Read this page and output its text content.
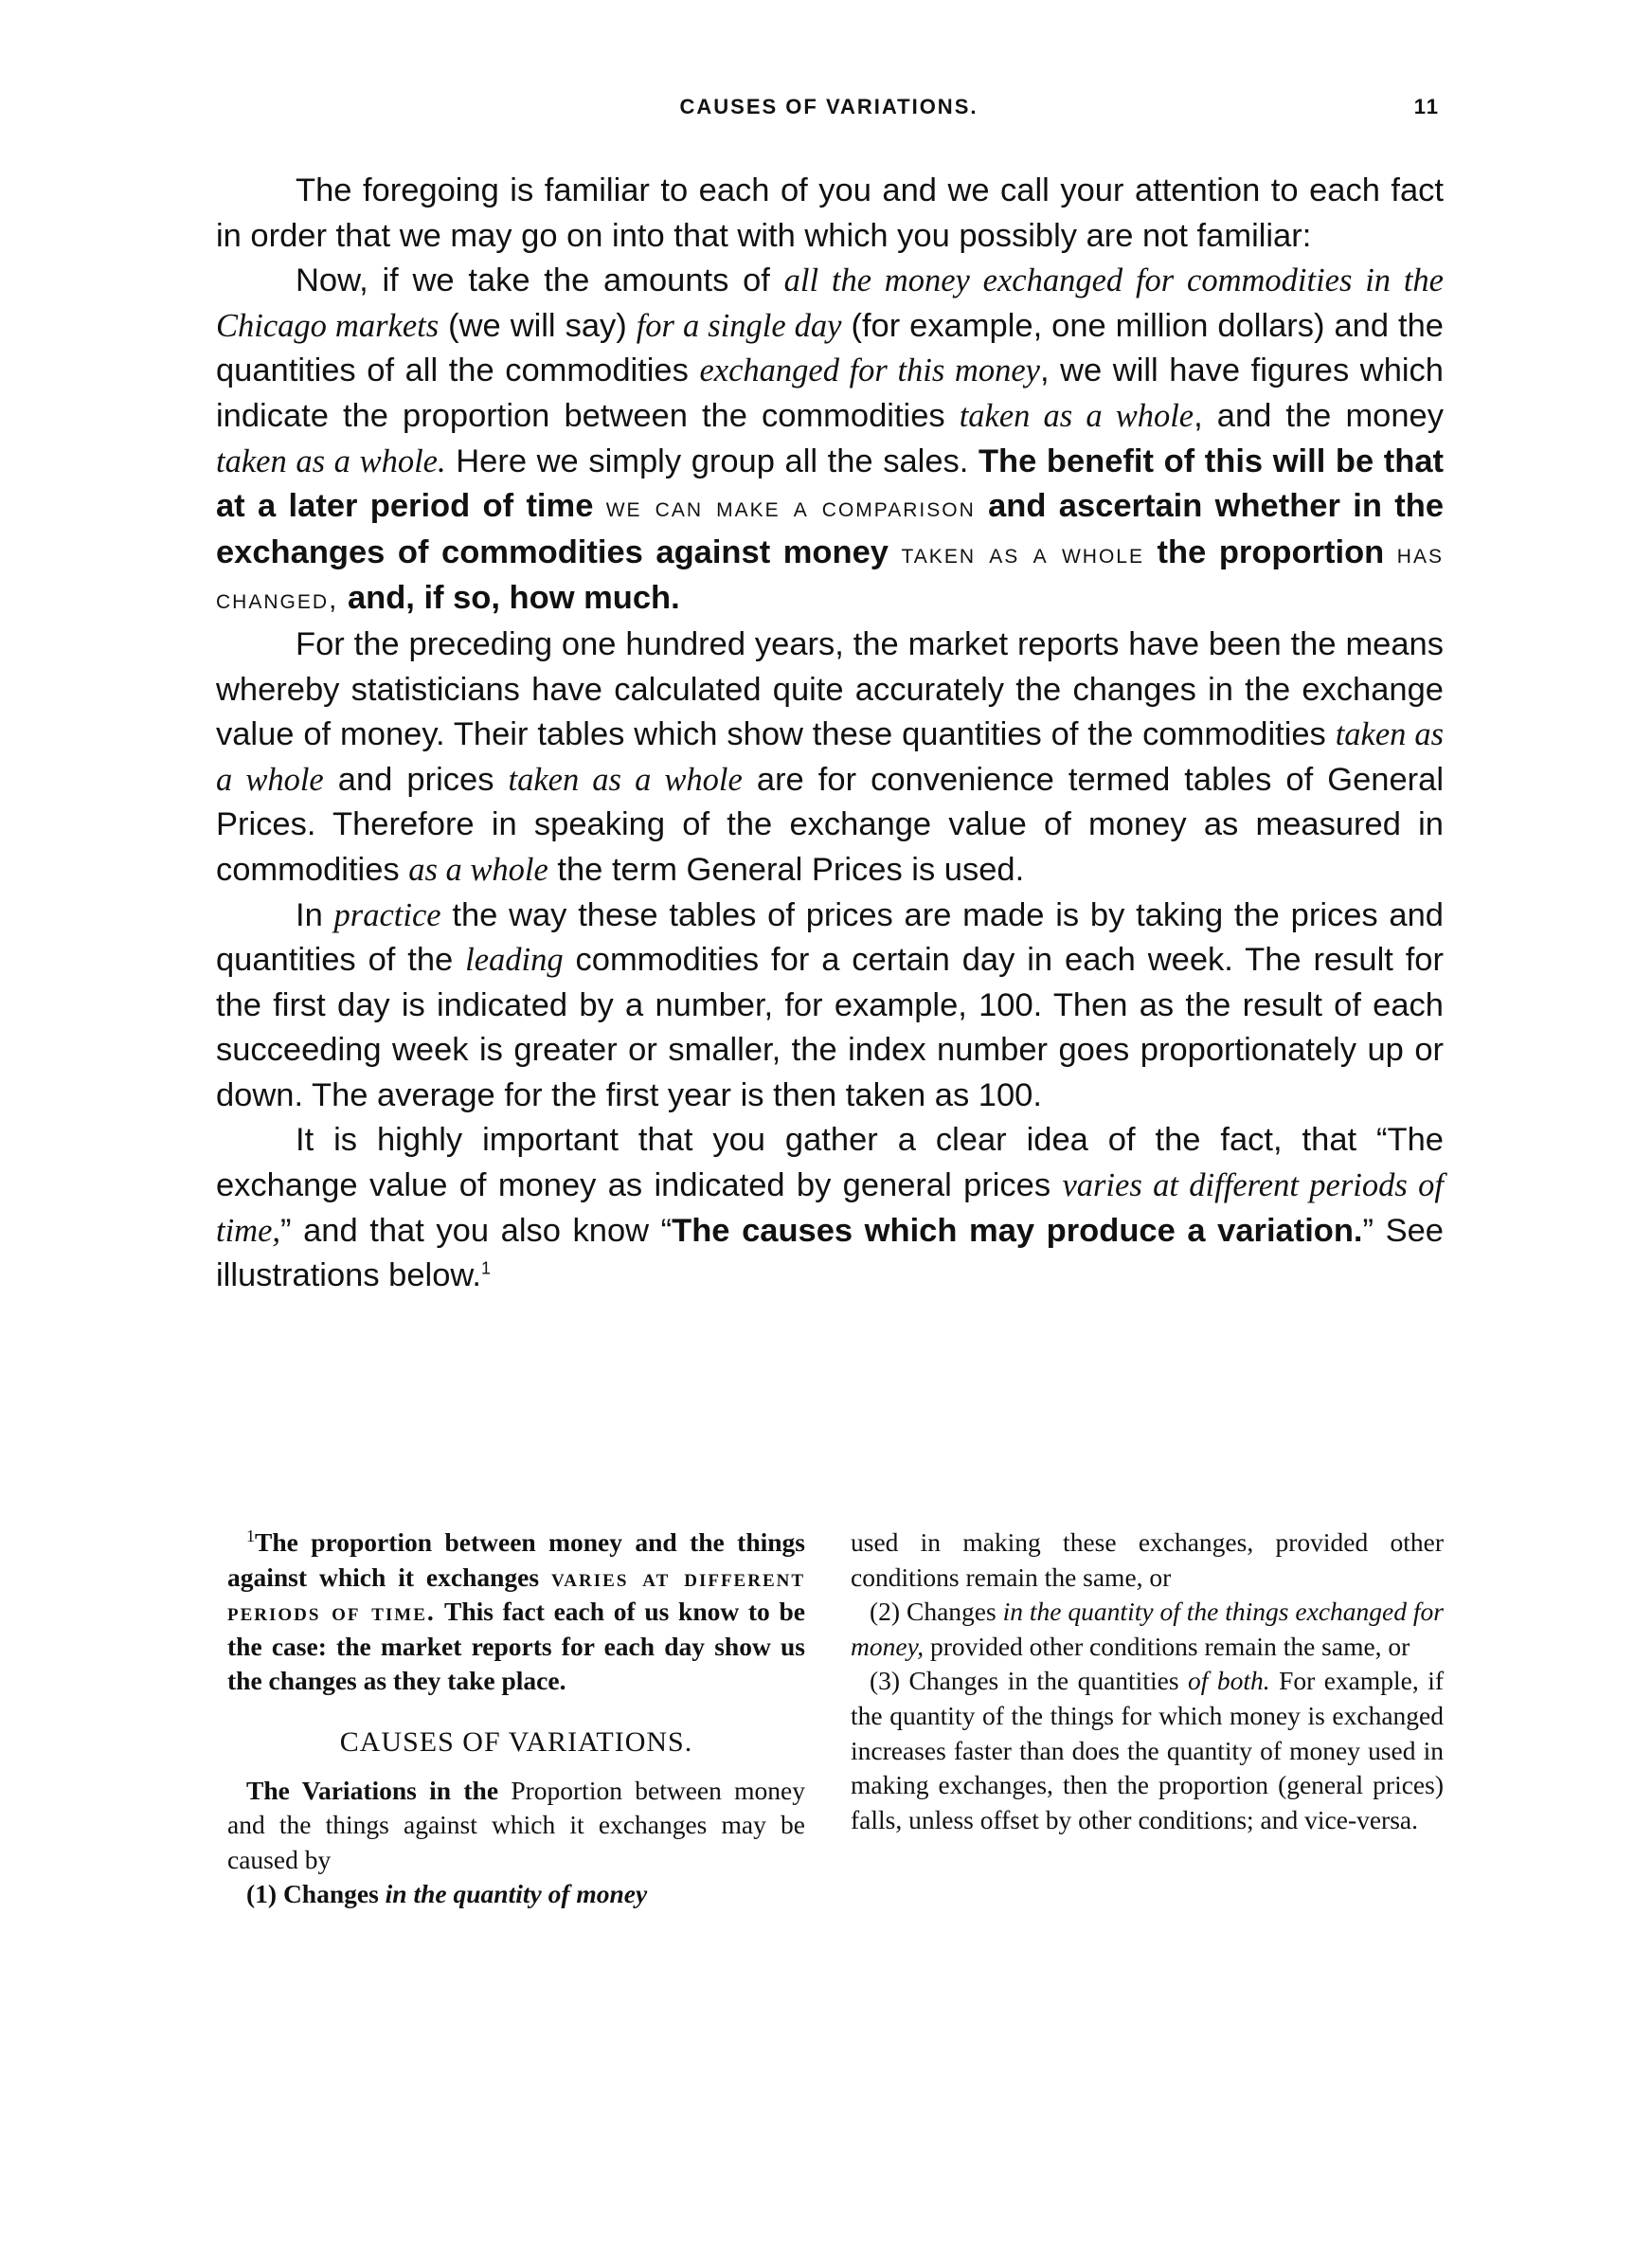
CAUSES OF VARIATIONS.	11

The foregoing is familiar to each of you and we call your attention to each fact in order that we may go on into that with which you possibly are not familiar:

Now, if we take the amounts of all the money exchanged for commodities in the Chicago markets (we will say) for a single day (for example, one million dollars) and the quantities of all the commodities exchanged for this money, we will have figures which indicate the proportion between the commodities taken as a whole, and the money taken as a whole. Here we simply group all the sales. The benefit of this will be that at a later period of time we can make a comparison and ascertain whether in the exchanges of commodities against money taken as a whole the proportion has changed, and, if so, how much.

For the preceding one hundred years, the market reports have been the means whereby statisticians have calculated quite accurately the changes in the exchange value of money. Their tables which show these quantities of the commodities taken as a whole and prices taken as a whole are for convenience termed tables of General Prices. Therefore in speaking of the exchange value of money as measured in commodities as a whole the term General Prices is used.

In practice the way these tables of prices are made is by taking the prices and quantities of the leading commodities for a certain day in each week. The result for the first day is indicated by a number, for example, 100. Then as the result of each succeeding week is greater or smaller, the index number goes proportionately up or down. The average for the first year is then taken as 100.

It is highly important that you gather a clear idea of the fact, that “The exchange value of money as indicated by general prices varies at different periods of time,” and that you also know “The causes which may produce a variation.” See illustrations below.$^1$

$^1$The proportion between money and the things against which it exchanges varies at different periods of time. This fact each of us know to be the case: the market reports for each day show us the changes as they take place.

CAUSES OF VARIATIONS.

The Variations in the Proportion between money and the things against which it exchanges may be caused by

(1) Changes in the quantity of money

used in making these exchanges, provided other conditions remain the same, or

(2) Changes in the quantity of the things exchanged for money, provided other conditions remain the same, or

(3) Changes in the quantities of both. For example, if the quantity of the things for which money is exchanged increases faster than does the quantity of money used in making exchanges, then the proportion (general prices) falls, unless offset by other conditions; and vice-versa.
